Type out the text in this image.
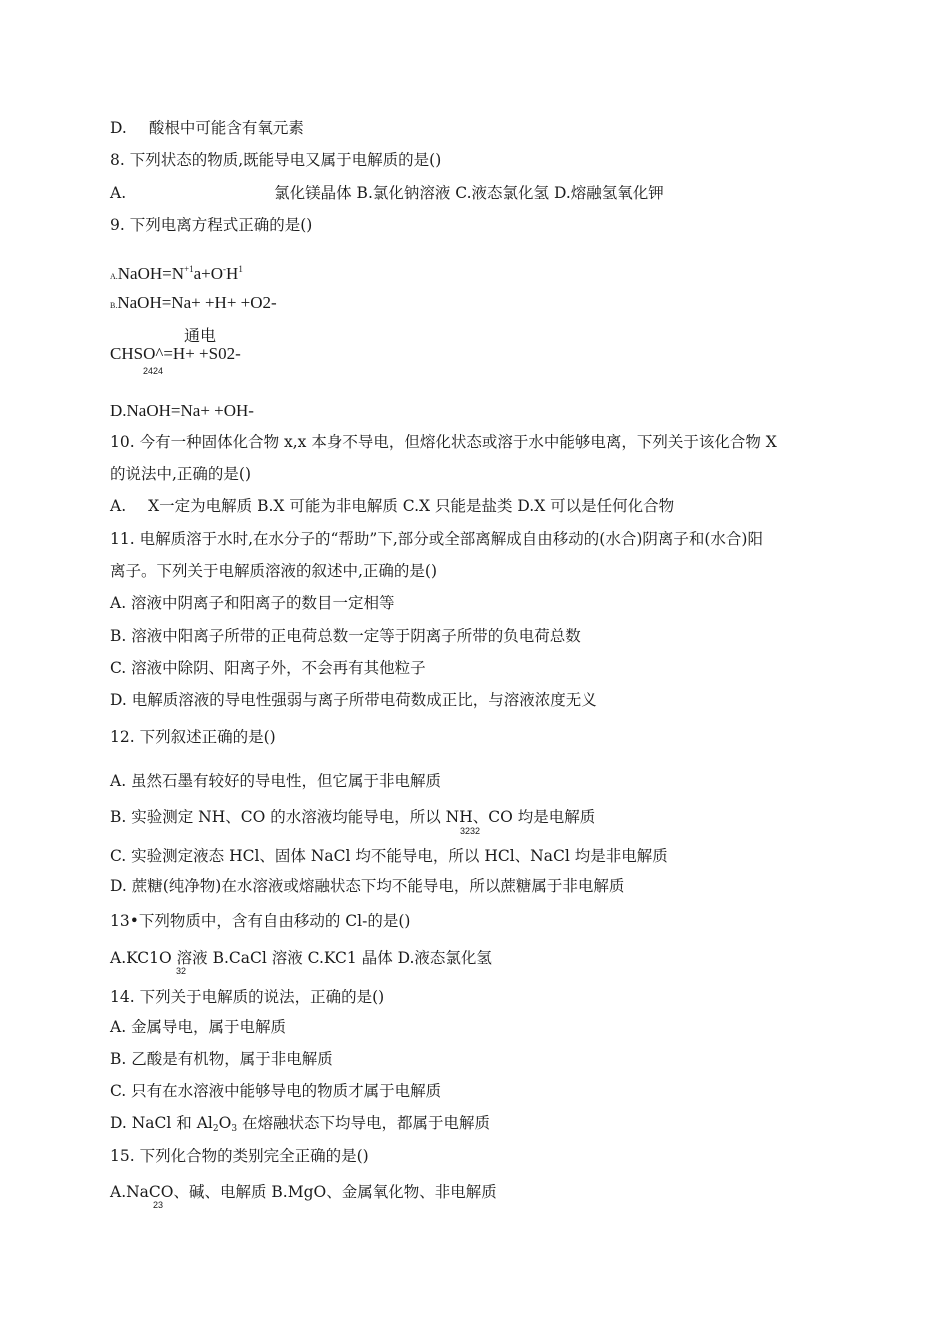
D. 酸根中可能含有氧元素
8. 下列状态的物质,既能导电又属于电解质的是()
A.	氯化镁晶体 B.氯化钠溶液 C.液态氯化氢 D.熔融氢氧化钾
9. 下列电离方程式正确的是()
$A.NaOH=N^{+1}a+O^-H^1$
B.NaOH=Na+ +H+ +O2-
通电
CHSO^=H+ +S02-
2424
D.NaOH=Na+ +OH-
10. 今有一种固体化合物 x,x 本身不导电，但熔化状态或溶于水中能够电离，下列关于该化合物 X
的说法中,正确的是()
A. X一定为电解质 B.X 可能为非电解质 C.X 只能是盐类 D.X 可以是任何化合物
11. 电解质溶于水时,在水分子的“帮助”下,部分或全部离解成自由移动的(水合)阴离子和(水合)阳
离子。下列关于电解质溶液的叙述中,正确的是()
A. 溶液中阴离子和阳离子的数目一定相等
B. 溶液中阳离子所带的正电荷总数一定等于阴离子所带的负电荷总数
C. 溶液中除阴、阳离子外，不会再有其他粒子
D. 电解质溶液的导电性强弱与离子所带电荷数成正比，与溶液浓度无义
12. 下列叙述正确的是()
A. 虽然石墨有较好的导电性，但它属于非电解质
B. 实验测定 NH、CO 的水溶液均能导电，所以 NH、CO 均是电解质
3232
C. 实验测定液态 HCl、固体 NaCl 均不能导电，所以 HCl、NaCl 均是非电解质
D. 蔗糖(纯净物)在水溶液或熔融状态下均不能导电，所以蔗糖属于非电解质
13•下列物质中，含有自由移动的 Cl-的是()
A.KC1O 溶液 B.CaCl 溶液 C.KC1 晶体 D.液态氯化氢
32
14. 下列关于电解质的说法，正确的是()
A. 金属导电，属于电解质
B. 乙酸是有机物，属于非电解质
C. 只有在水溶液中能够导电的物质才属于电解质
D. NaCl 和 Al2O3 在熔融状态下均导电，都属于电解质
15. 下列化合物的类别完全正确的是()
A.NaCO、碱、电解质 B.MgO、金属氧化物、非电解质
23
